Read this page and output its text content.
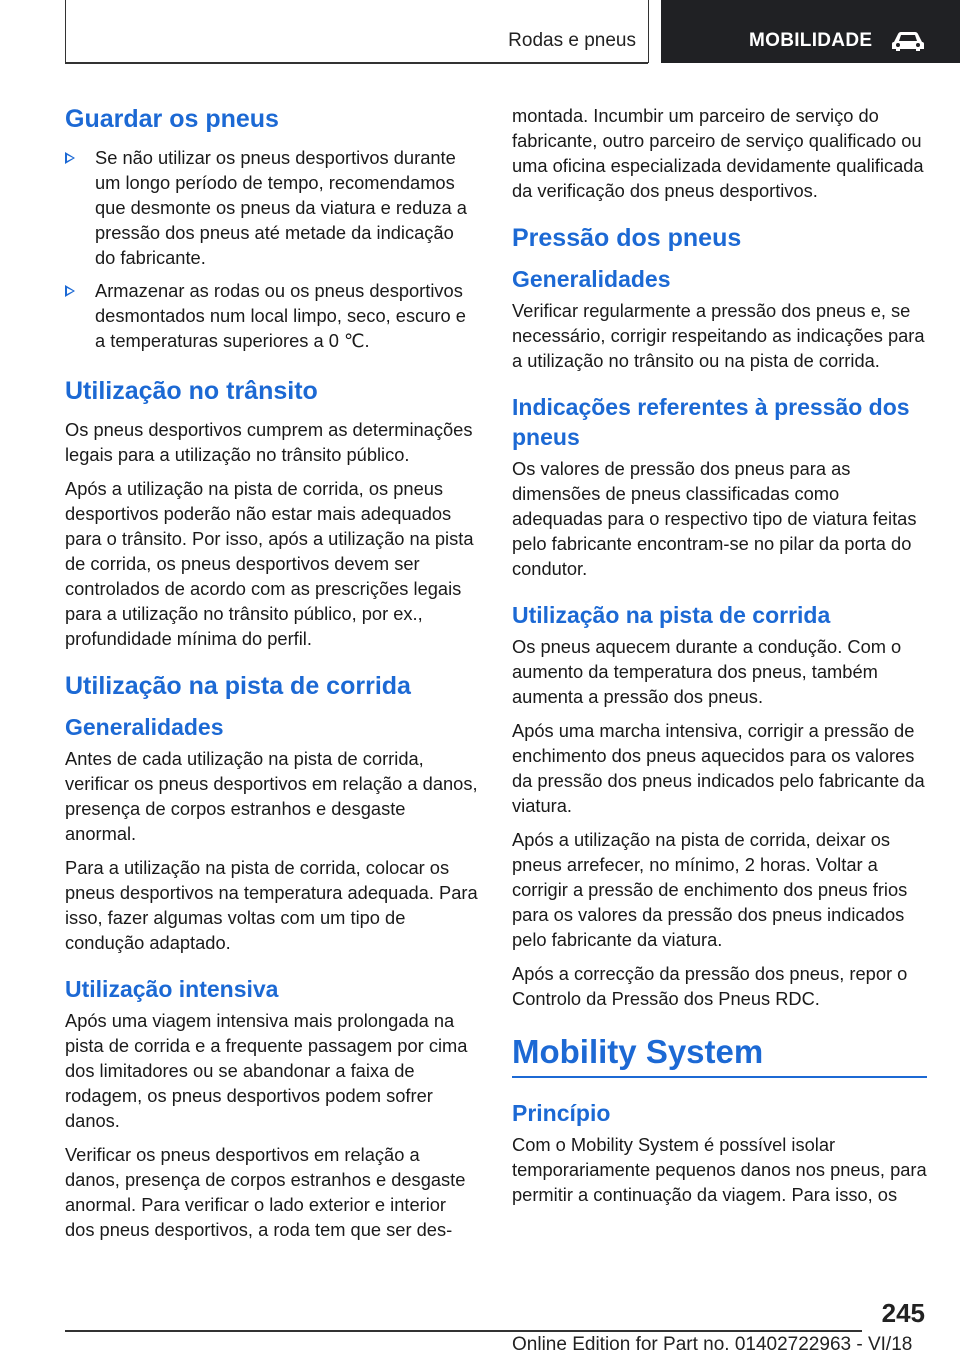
Rodas e pneus	MOBILIDADE
Guardar os pneus
Se não utilizar os pneus desportivos durante um longo período de tempo, recomendamos que desmonte os pneus da viatura e reduza a pressão dos pneus até metade da indicação do fabricante.
Armazenar as rodas ou os pneus desportivos desmontados num local limpo, seco, escuro e a temperaturas superiores a 0 ℃.
Utilização no trânsito

Os pneus desportivos cumprem as determinações legais para a utilização no trânsito público.

Após a utilização na pista de corrida, os pneus desportivos poderão não estar mais adequados para o trânsito. Por isso, após a utilização na pista de corrida, os pneus desportivos devem ser controlados de acordo com as prescrições legais para a utilização no trânsito público, por ex., profundidade mínima do perfil.

Utilização na pista de corrida
Generalidades

Antes de cada utilização na pista de corrida, verificar os pneus desportivos em relação a danos, presença de corpos estranhos e desgaste anormal.

Para a utilização na pista de corrida, colocar os pneus desportivos na temperatura adequada. Para isso, fazer algumas voltas com um tipo de condução adaptado.

Utilização intensiva

Após uma viagem intensiva mais prolongada na pista de corrida e a frequente passagem por cima dos limitadores ou se abandonar a faixa de rodagem, os pneus desportivos podem sofrer danos.

Verificar os pneus desportivos em relação a danos, presença de corpos estranhos e desgaste anormal. Para verificar o lado exterior e interior dos pneus desportivos, a roda tem que ser des-

montada. Incumbir um parceiro de serviço do fabricante, outro parceiro de serviço qualificado ou uma oficina especializada devidamente qualificada da verificação dos pneus desportivos.

Pressão dos pneus
Generalidades

Verificar regularmente a pressão dos pneus e, se necessário, corrigir respeitando as indicações para a utilização no trânsito ou na pista de corrida.

Indicações referentes à pressão dos pneus

Os valores de pressão dos pneus para as dimensões de pneus classificadas como adequadas para o respectivo tipo de viatura feitas pelo fabricante encontram-se no pilar da porta do condutor.

Utilização na pista de corrida

Os pneus aquecem durante a condução. Com o aumento da temperatura dos pneus, também aumenta a pressão dos pneus.

Após uma marcha intensiva, corrigir a pressão de enchimento dos pneus aquecidos para os valores da pressão dos pneus indicados pelo fabricante da viatura.

Após a utilização na pista de corrida, deixar os pneus arrefecer, no mínimo, 2 horas. Voltar a corrigir a pressão de enchimento dos pneus frios para os valores da pressão dos pneus indicados pelo fabricante da viatura.

Após a correcção da pressão dos pneus, repor o Controlo da Pressão dos Pneus RDC.

Mobility System
Princípio

Com o Mobility System é possível isolar temporariamente pequenos danos nos pneus, para permitir a continuação da viagem. Para isso, os

245
Online Edition for Part no. 01402722963 - VI/18
